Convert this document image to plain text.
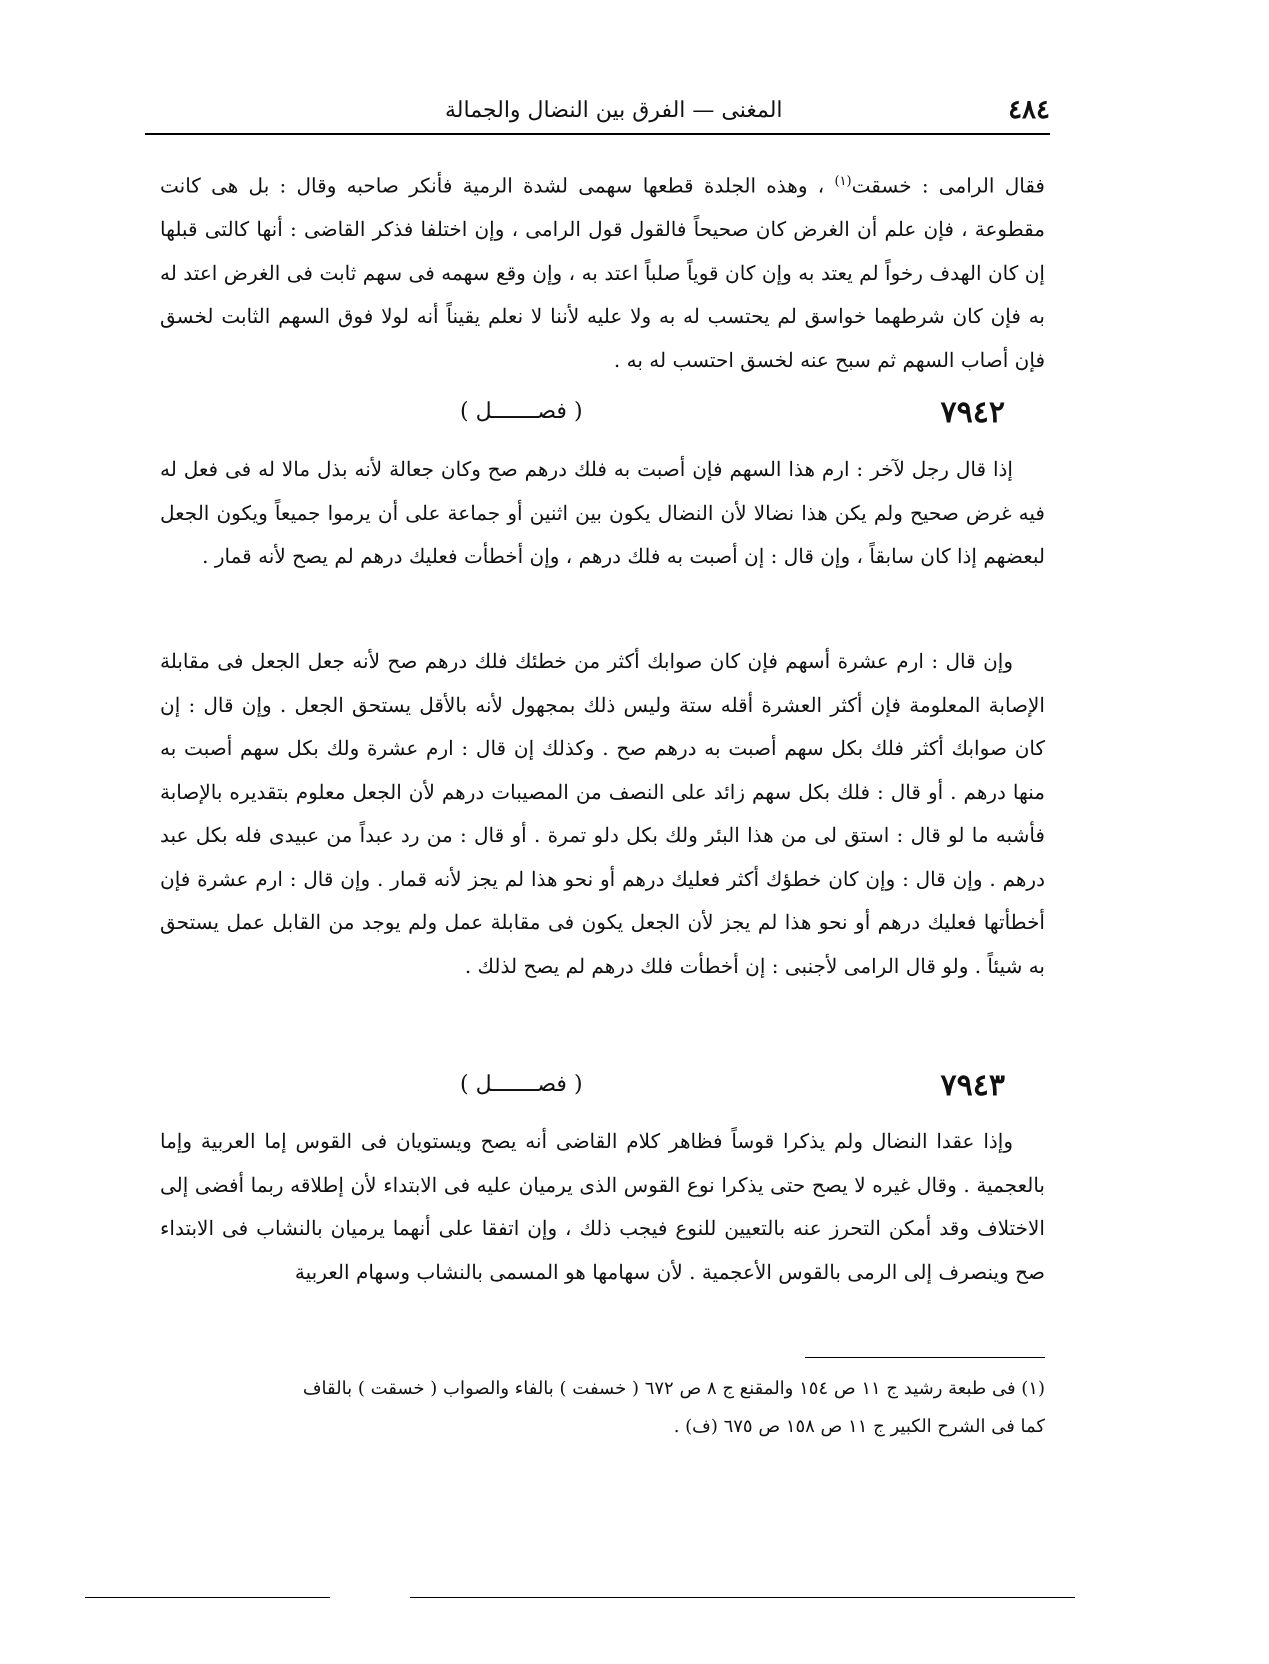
٤٨٤
المغنى — الفرق بين النضال والجمالة

فقال الرامى : خسقت$^{(١)}$ ، وهذه الجلدة قطعها سهمى لشدة الرمية فأنكر صاحبه وقال : بل هى كانت مقطوعة ، فإن علم أن الغرض كان صحيحاً فالقول قول الرامى ، وإن اختلفا فذكر القاضى : أنها كالتى قبلها إن كان الهدف رخواً لم يعتد به وإن كان قوياً صلباً اعتد به ، وإن وقع سهمه فى سهم ثابت فى الغرض اعتد له به فإن كان شرطهما خواسق لم يحتسب له به ولا عليه لأننا لا نعلم يقيناً أنه لولا فوق السهم الثابت لخسق فإن أصاب السهم ثم سبح عنه لخسق احتسب له به .

٧٩٤٢
( فصـــــــل )

إذا قال رجل لآخر : ارم هذا السهم فإن أصبت به فلك درهم صح وكان جعالة لأنه بذل مالا له فى فعل له فيه غرض صحيح ولم يكن هذا نضالا لأن النضال يكون بين اثنين أو جماعة على أن يرموا جميعاً ويكون الجعل لبعضهم إذا كان سابقاً ، وإن قال : إن أصبت به فلك درهم ، وإن أخطأت فعليك درهم لم يصح لأنه قمار .

وإن قال : ارم عشرة أسهم فإن كان صوابك أكثر من خطئك فلك درهم صح لأنه جعل الجعل فى مقابلة الإصابة المعلومة فإن أكثر العشرة أقله ستة وليس ذلك بمجهول لأنه بالأقل يستحق الجعل . وإن قال : إن كان صوابك أكثر فلك بكل سهم أصبت به درهم صح . وكذلك إن قال : ارم عشرة ولك بكل سهم أصبت به منها درهم . أو قال : فلك بكل سهم زائد على النصف من المصيبات درهم لأن الجعل معلوم بتقديره بالإصابة فأشبه ما لو قال : استق لى من هذا البئر ولك بكل دلو تمرة . أو قال : من رد عبداً من عبيدى فله بكل عبد درهم . وإن قال : وإن كان خطؤك أكثر فعليك درهم أو نحو هذا لم يجز لأنه قمار . وإن قال : ارم عشرة فإن أخطأتها فعليك درهم أو نحو هذا لم يجز لأن الجعل يكون فى مقابلة عمل ولم يوجد من القابل عمل يستحق به شيئاً . ولو قال الرامى لأجنبى : إن أخطأت فلك درهم لم يصح لذلك .

٧٩٤٣
( فصـــــــل )

وإذا عقدا النضال ولم يذكرا قوساً فظاهر كلام القاضى أنه يصح ويستويان فى القوس إما العربية وإما بالعجمية . وقال غيره لا يصح حتى يذكرا نوع القوس الذى يرميان عليه فى الابتداء لأن إطلاقه ربما أفضى إلى الاختلاف وقد أمكن التحرز عنه بالتعيين للنوع فيجب ذلك ، وإن اتفقا على أنهما يرميان بالنشاب فى الابتداء صح وينصرف إلى الرمى بالقوس الأعجمية . لأن سهامها هو المسمى بالنشاب وسهام العربية

(١) فى طبعة رشيد ج ١١ ص ١٥٤ والمقنع ج ٨ ص ٦٧٢ ( خسفت ) بالفاء والصواب ( خسقت ) بالقاف

كما فى الشرح الكبير ج ١١ ص ١٥٨ ص ٦٧٥ (ف) .
